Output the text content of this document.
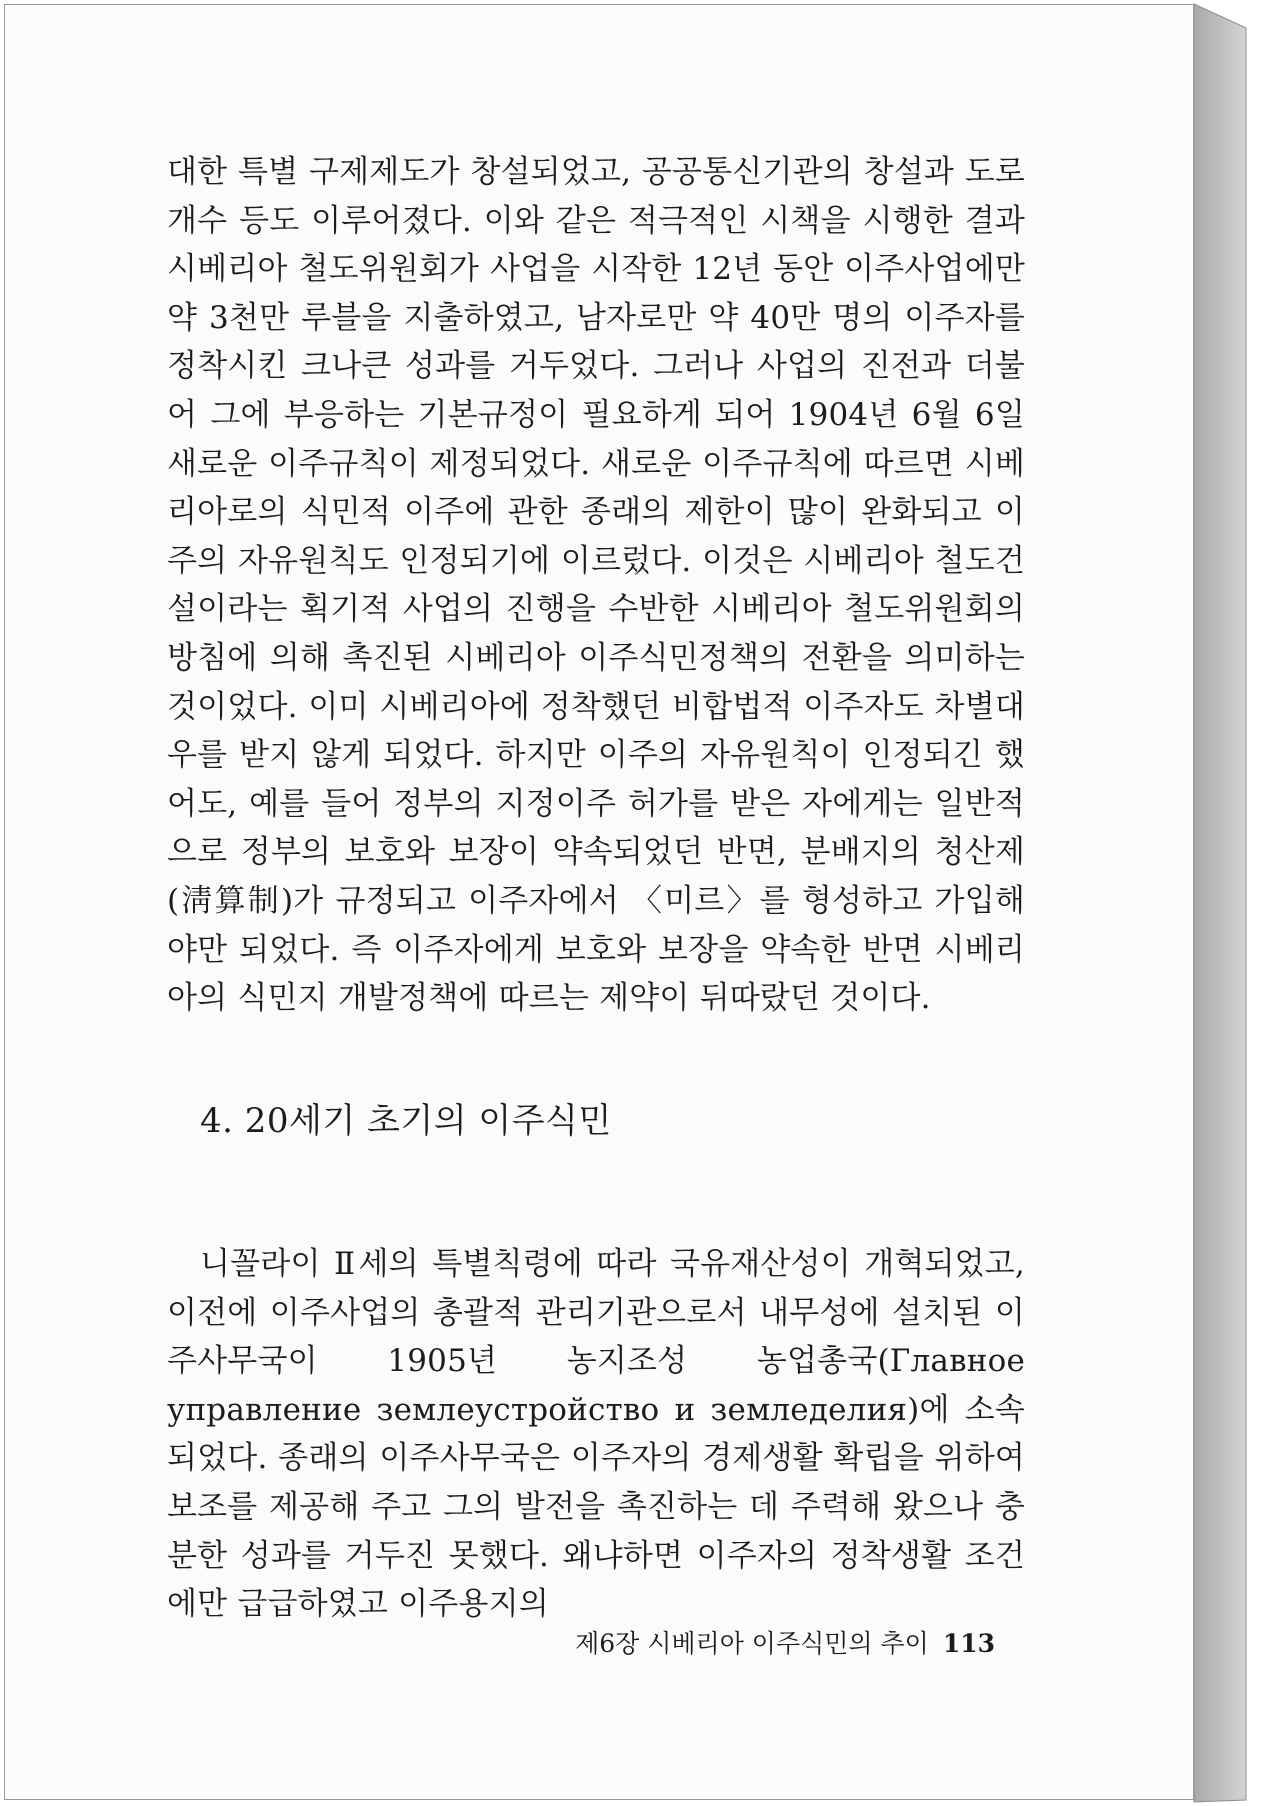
대한 특별 구제제도가 창설되었고, 공공통신기관의 창설과 도로 개수 등도 이루어졌다. 이와 같은 적극적인 시책을 시행한 결과 시베리아 철도위원회가 사업을 시작한 12년 동안 이주사업에만 약 3천만 루블을 지출하였고, 남자로만 약 40만 명의 이주자를 정착시킨 크나큰 성과를 거두었다. 그러나 사업의 진전과 더불어 그에 부응하는 기본규정이 필요하게 되어 1904년 6월 6일 새로운 이주규칙이 제정되었다. 새로운 이주규칙에 따르면 시베리아로의 식민적 이주에 관한 종래의 제한이 많이 완화되고 이주의 자유원칙도 인정되기에 이르렀다. 이것은 시베리아 철도건설이라는 획기적 사업의 진행을 수반한 시베리아 철도위원회의 방침에 의해 촉진된 시베리아 이주식민정책의 전환을 의미하는 것이었다. 이미 시베리아에 정착했던 비합법적 이주자도 차별대우를 받지 않게 되었다. 하지만 이주의 자유원칙이 인정되긴 했어도, 예를 들어 정부의 지정이주 허가를 받은 자에게는 일반적으로 정부의 보호와 보장이 약속되었던 반면, 분배지의 청산제(淸算制)가 규정되고 이주자에서 〈미르〉를 형성하고 가입해야만 되었다. 즉 이주자에게 보호와 보장을 약속한 반면 시베리아의 식민지 개발정책에 따르는 제약이 뒤따랐던 것이다.

4. 20세기 초기의 이주식민

니꼴라이 Ⅱ세의 특별칙령에 따라 국유재산성이 개혁되었고, 이전에 이주사업의 총괄적 관리기관으로서 내무성에 설치된 이주사무국이 1905년 농지조성 농업총국(Главное управление землеустройство и земледелия)에 소속되었다. 종래의 이주사무국은 이주자의 경제생활 확립을 위하여 보조를 제공해 주고 그의 발전을 촉진하는 데 주력해 왔으나 충분한 성과를 거두진 못했다. 왜냐하면 이주자의 정착생활 조건에만 급급하였고 이주용지의

제6장 시베리아 이주식민의 추이 113
